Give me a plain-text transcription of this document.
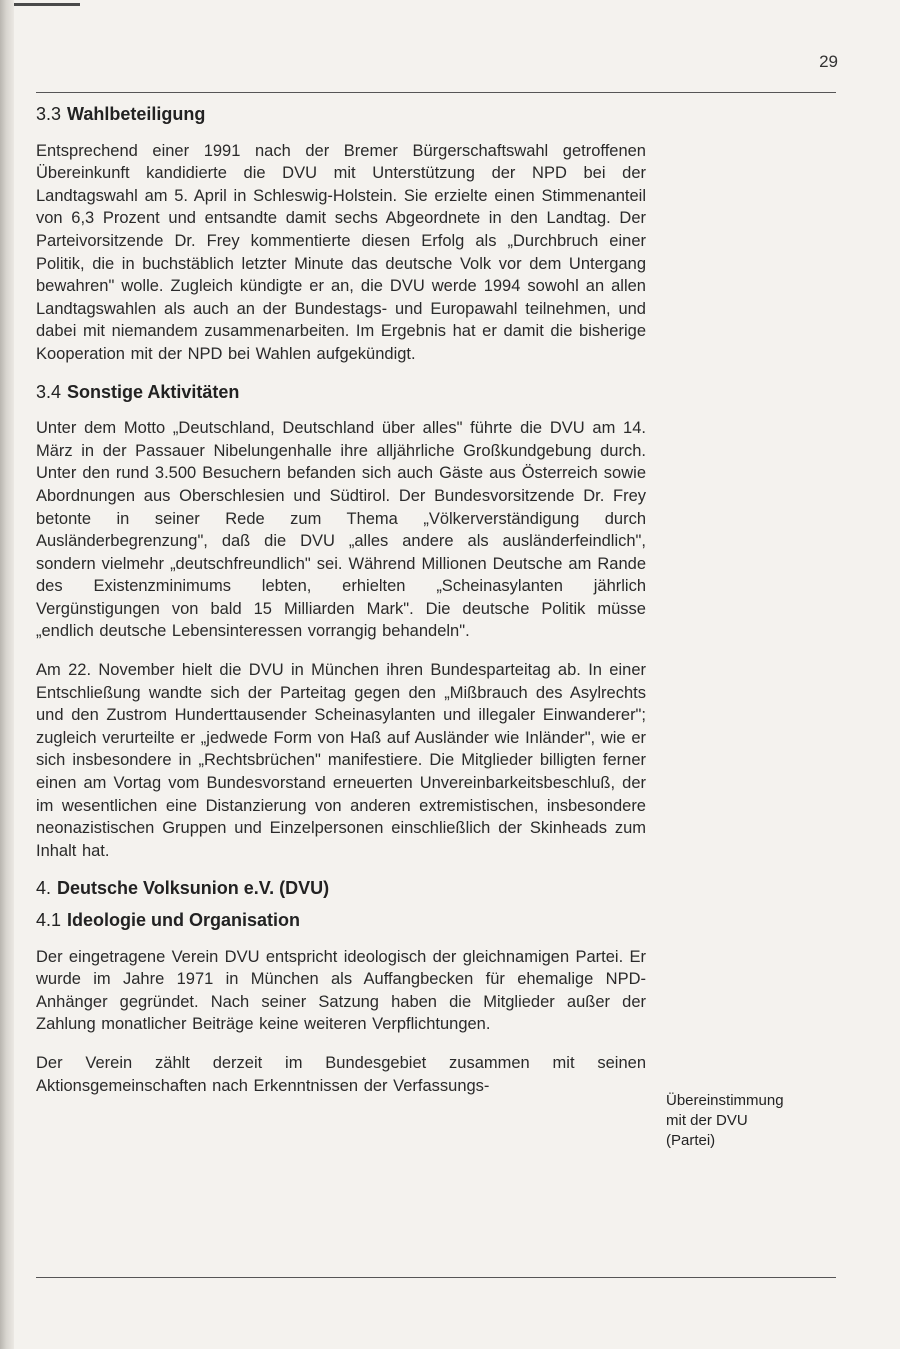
29
3.3 Wahlbeteiligung

Entsprechend einer 1991 nach der Bremer Bürgerschaftswahl getroffenen Übereinkunft kandidierte die DVU mit Unterstützung der NPD bei der Landtagswahl am 5. April in Schleswig-Holstein. Sie erzielte einen Stimmenanteil von 6,3 Prozent und entsandte damit sechs Abgeordnete in den Landtag. Der Parteivorsitzende Dr. Frey kommentierte diesen Erfolg als „Durchbruch einer Politik, die in buchstäblich letzter Minute das deutsche Volk vor dem Untergang bewahren" wolle. Zugleich kündigte er an, die DVU werde 1994 sowohl an allen Landtagswahlen als auch an der Bundestags- und Europawahl teilnehmen, und dabei mit niemandem zusammenarbeiten. Im Ergebnis hat er damit die bisherige Kooperation mit der NPD bei Wahlen aufgekündigt.

3.4 Sonstige Aktivitäten

Unter dem Motto „Deutschland, Deutschland über alles" führte die DVU am 14. März in der Passauer Nibelungenhalle ihre alljährliche Großkundgebung durch. Unter den rund 3.500 Besuchern befanden sich auch Gäste aus Österreich sowie Abordnungen aus Oberschlesien und Südtirol. Der Bundesvorsitzende Dr. Frey betonte in seiner Rede zum Thema „Völkerverständigung durch Ausländerbegrenzung", daß die DVU „alles andere als ausländerfeindlich", sondern vielmehr „deutschfreundlich" sei. Während Millionen Deutsche am Rande des Existenzminimums lebten, erhielten „Scheinasylanten jährlich Vergünstigungen von bald 15 Milliarden Mark". Die deutsche Politik müsse „endlich deutsche Lebensinteressen vorrangig behandeln".

Am 22. November hielt die DVU in München ihren Bundesparteitag ab. In einer Entschließung wandte sich der Parteitag gegen den „Mißbrauch des Asylrechts und den Zustrom Hunderttausender Scheinasylanten und illegaler Einwanderer"; zugleich verurteilte er „jedwede Form von Haß auf Ausländer wie Inländer", wie er sich insbesondere in „Rechtsbrüchen" manifestiere. Die Mitglieder billigten ferner einen am Vortag vom Bundesvorstand erneuerten Unvereinbarkeitsbeschluß, der im wesentlichen eine Distanzierung von anderen extremistischen, insbesondere neonazistischen Gruppen und Einzelpersonen einschließlich der Skinheads zum Inhalt hat.

4. Deutsche Volksunion e.V. (DVU)
4.1 Ideologie und Organisation

Der eingetragene Verein DVU entspricht ideologisch der gleichnamigen Partei. Er wurde im Jahre 1971 in München als Auffangbecken für ehemalige NPD-Anhänger gegründet. Nach seiner Satzung haben die Mitglieder außer der Zahlung monatlicher Beiträge keine weiteren Verpflichtungen.

Der Verein zählt derzeit im Bundesgebiet zusammen mit seinen Aktionsgemeinschaften nach Erkenntnissen der Verfassungs-

Übereinstimmung
mit der DVU
(Partei)
